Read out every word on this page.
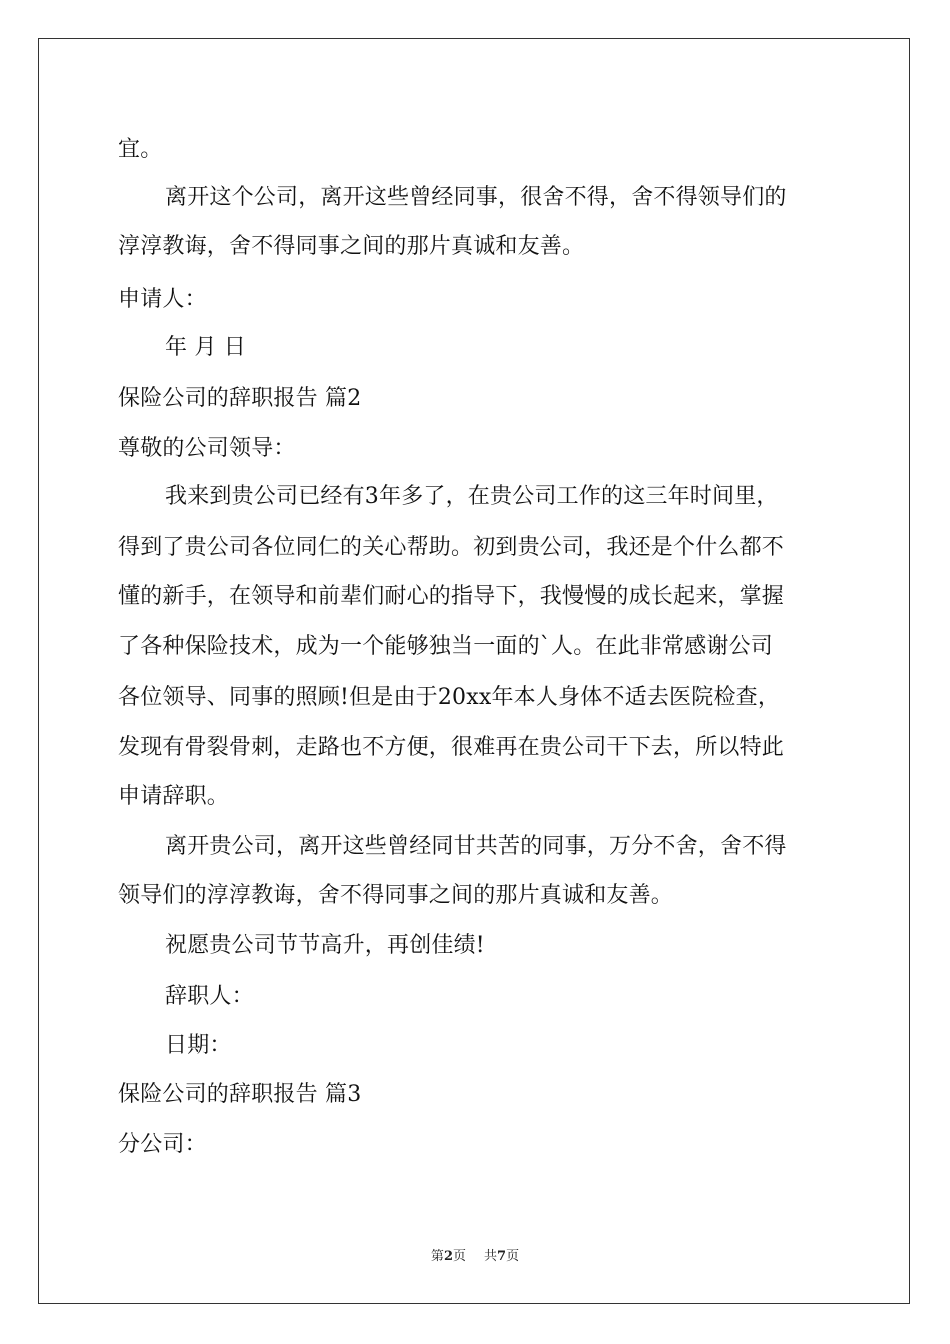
宜。
离开这个公司，离开这些曾经同事，很舍不得，舍不得领导们的
淳淳教诲，舍不得同事之间的那片真诚和友善。
申请人：
年 月 日
保险公司的辞职报告 篇2
尊敬的公司领导：
我来到贵公司已经有3年多了，在贵公司工作的这三年时间里，
得到了贵公司各位同仁的关心帮助。初到贵公司，我还是个什么都不
懂的新手，在领导和前辈们耐心的指导下，我慢慢的成长起来，掌握
了各种保险技术，成为一个能够独当一面的`人。在此非常感谢公司
各位领导、同事的照顾!但是由于20xx年本人身体不适去医院检查，
发现有骨裂骨刺，走路也不方便，很难再在贵公司干下去，所以特此
申请辞职。
离开贵公司，离开这些曾经同甘共苦的同事，万分不舍，舍不得
领导们的淳淳教诲，舍不得同事之间的那片真诚和友善。
祝愿贵公司节节高升，再创佳绩!
辞职人：
日期：
保险公司的辞职报告 篇3
分公司：
第2页 共7页
